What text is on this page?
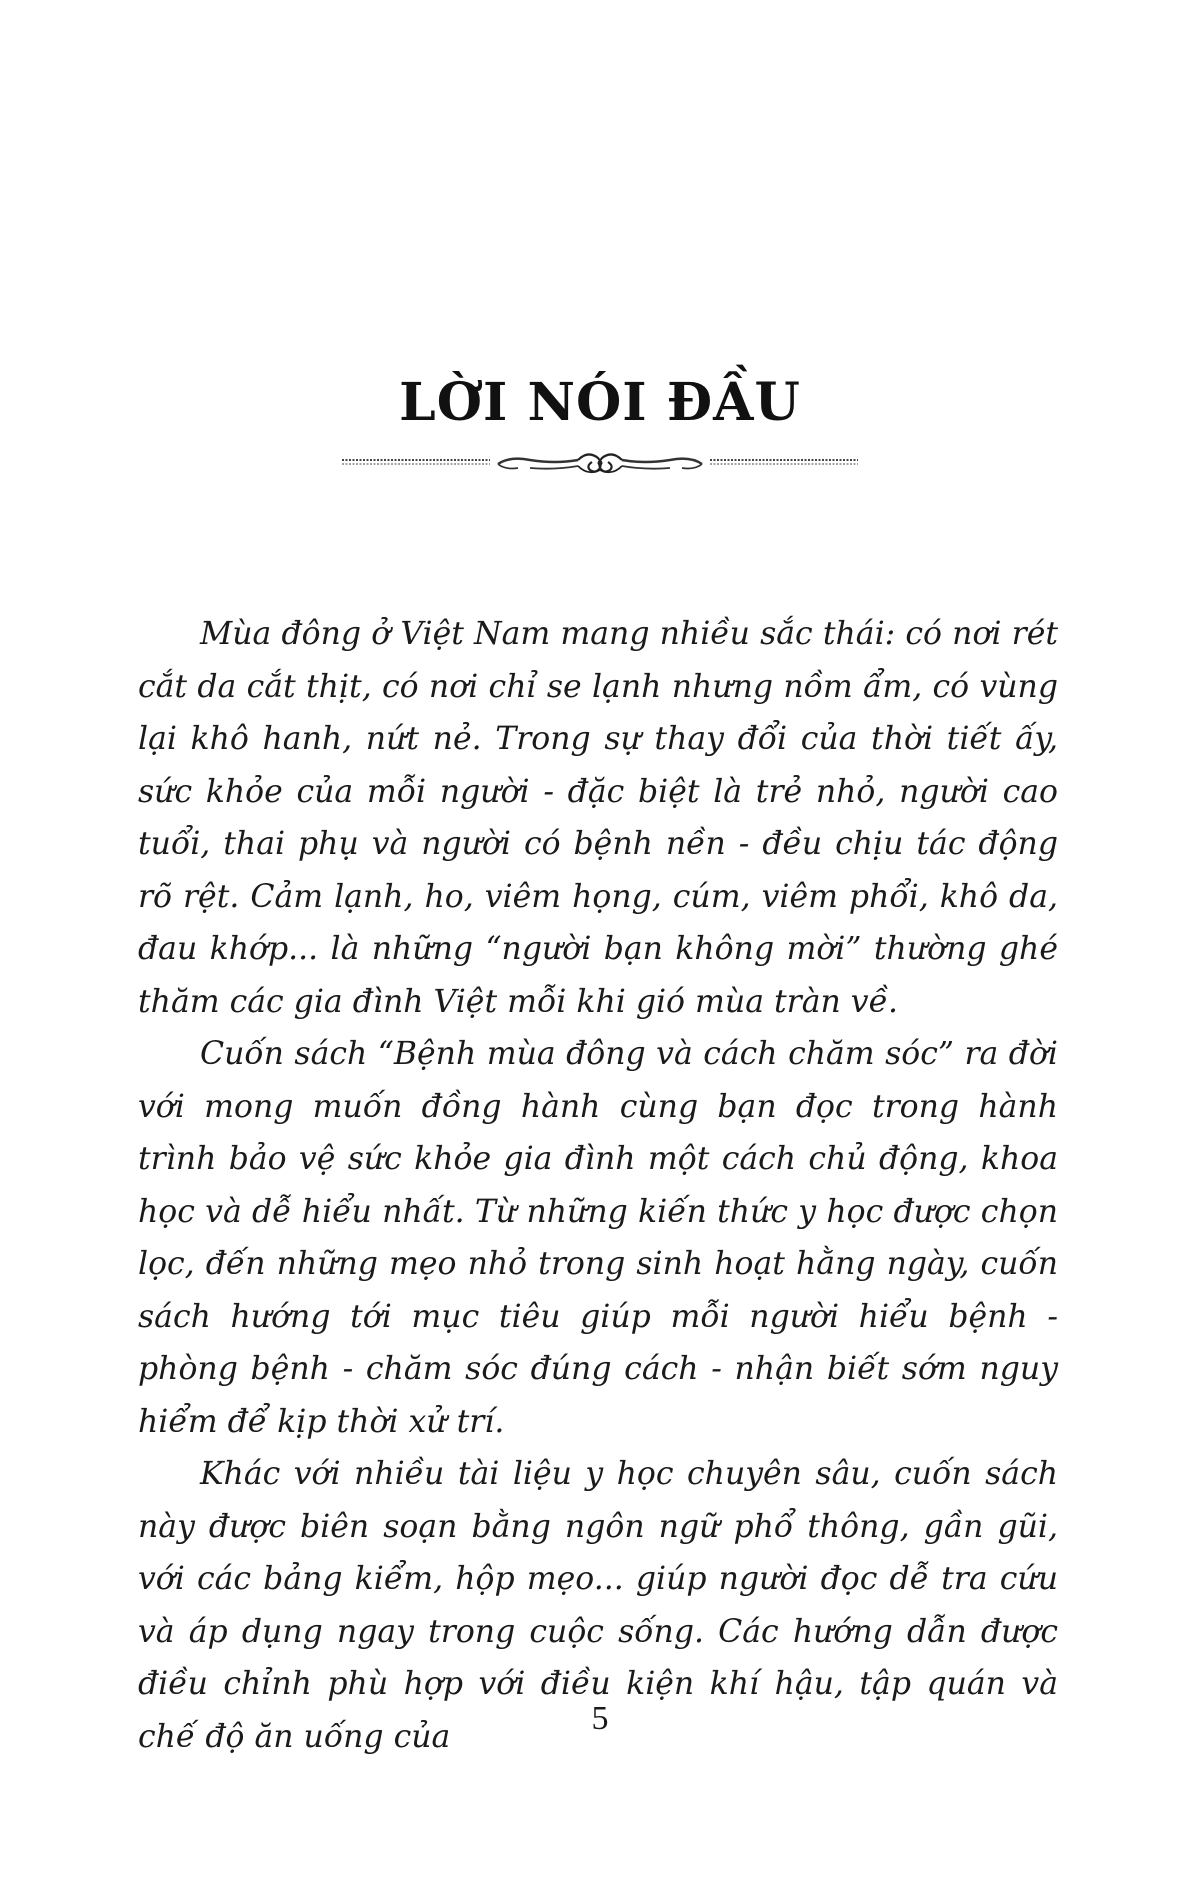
LỜI NÓI ĐẦU

Mùa đông ở Việt Nam mang nhiều sắc thái: có nơi rét cắt da cắt thịt, có nơi chỉ se lạnh nhưng nồm ẩm, có vùng lại khô hanh, nứt nẻ. Trong sự thay đổi của thời tiết ấy, sức khỏe của mỗi người - đặc biệt là trẻ nhỏ, người cao tuổi, thai phụ và người có bệnh nền - đều chịu tác động rõ rệt. Cảm lạnh, ho, viêm họng, cúm, viêm phổi, khô da, đau khớp... là những “người bạn không mời” thường ghé thăm các gia đình Việt mỗi khi gió mùa tràn về.

Cuốn sách “Bệnh mùa đông và cách chăm sóc” ra đời với mong muốn đồng hành cùng bạn đọc trong hành trình bảo vệ sức khỏe gia đình một cách chủ động, khoa học và dễ hiểu nhất. Từ những kiến thức y học được chọn lọc, đến những mẹo nhỏ trong sinh hoạt hằng ngày, cuốn sách hướng tới mục tiêu giúp mỗi người hiểu bệnh - phòng bệnh - chăm sóc đúng cách - nhận biết sớm nguy hiểm để kịp thời xử trí.

Khác với nhiều tài liệu y học chuyên sâu, cuốn sách này được biên soạn bằng ngôn ngữ phổ thông, gần gũi, với các bảng kiểm, hộp mẹo... giúp người đọc dễ tra cứu và áp dụng ngay trong cuộc sống. Các hướng dẫn được điều chỉnh phù hợp với điều kiện khí hậu, tập quán và chế độ ăn uống của	5
